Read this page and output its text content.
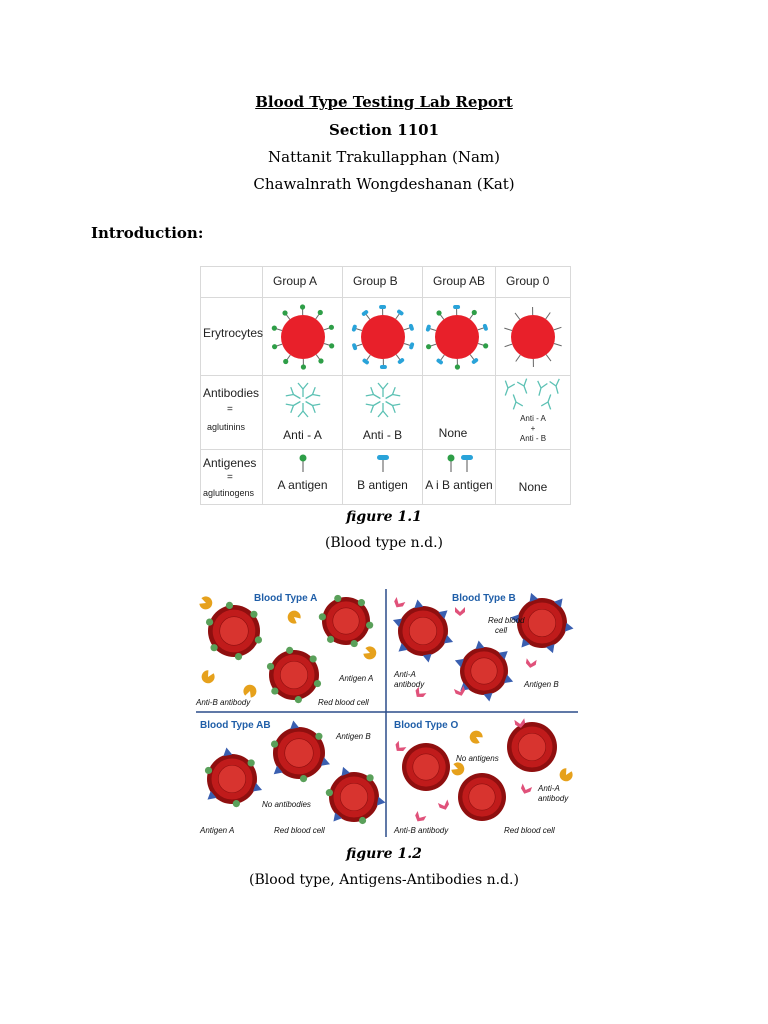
Blood Type Testing Lab Report
Section 1101
Nattanit Trakullapphan (Nam)
Chawalnrath Wongdeshanan (Kat)
Introduction:

	Group A	Group B	Group AB	Group 0

Erytrocytes

Antibodies
=
aglutinins	Anti - A	Anti - B	None	Anti - A
+
Anti - B

Antigenes
=
aglutinogens	A antigen	B antigen	A i B antigen	None
figure 1.1
(Blood type n.d.)
Blood Type A	Blood Type B
Blood Type AB	Blood Type O
Antigen A
Anti-B antibody	Red blood cell
Red blood
cell
Anti-A
antibody	Antigen B
Antigen B
No antibodies
Antigen A	Red blood cell
No antigens
Anti-A
antibody
Anti-B antibody	Red blood cell
figure 1.2
(Blood type, Antigens-Antibodies n.d.)
